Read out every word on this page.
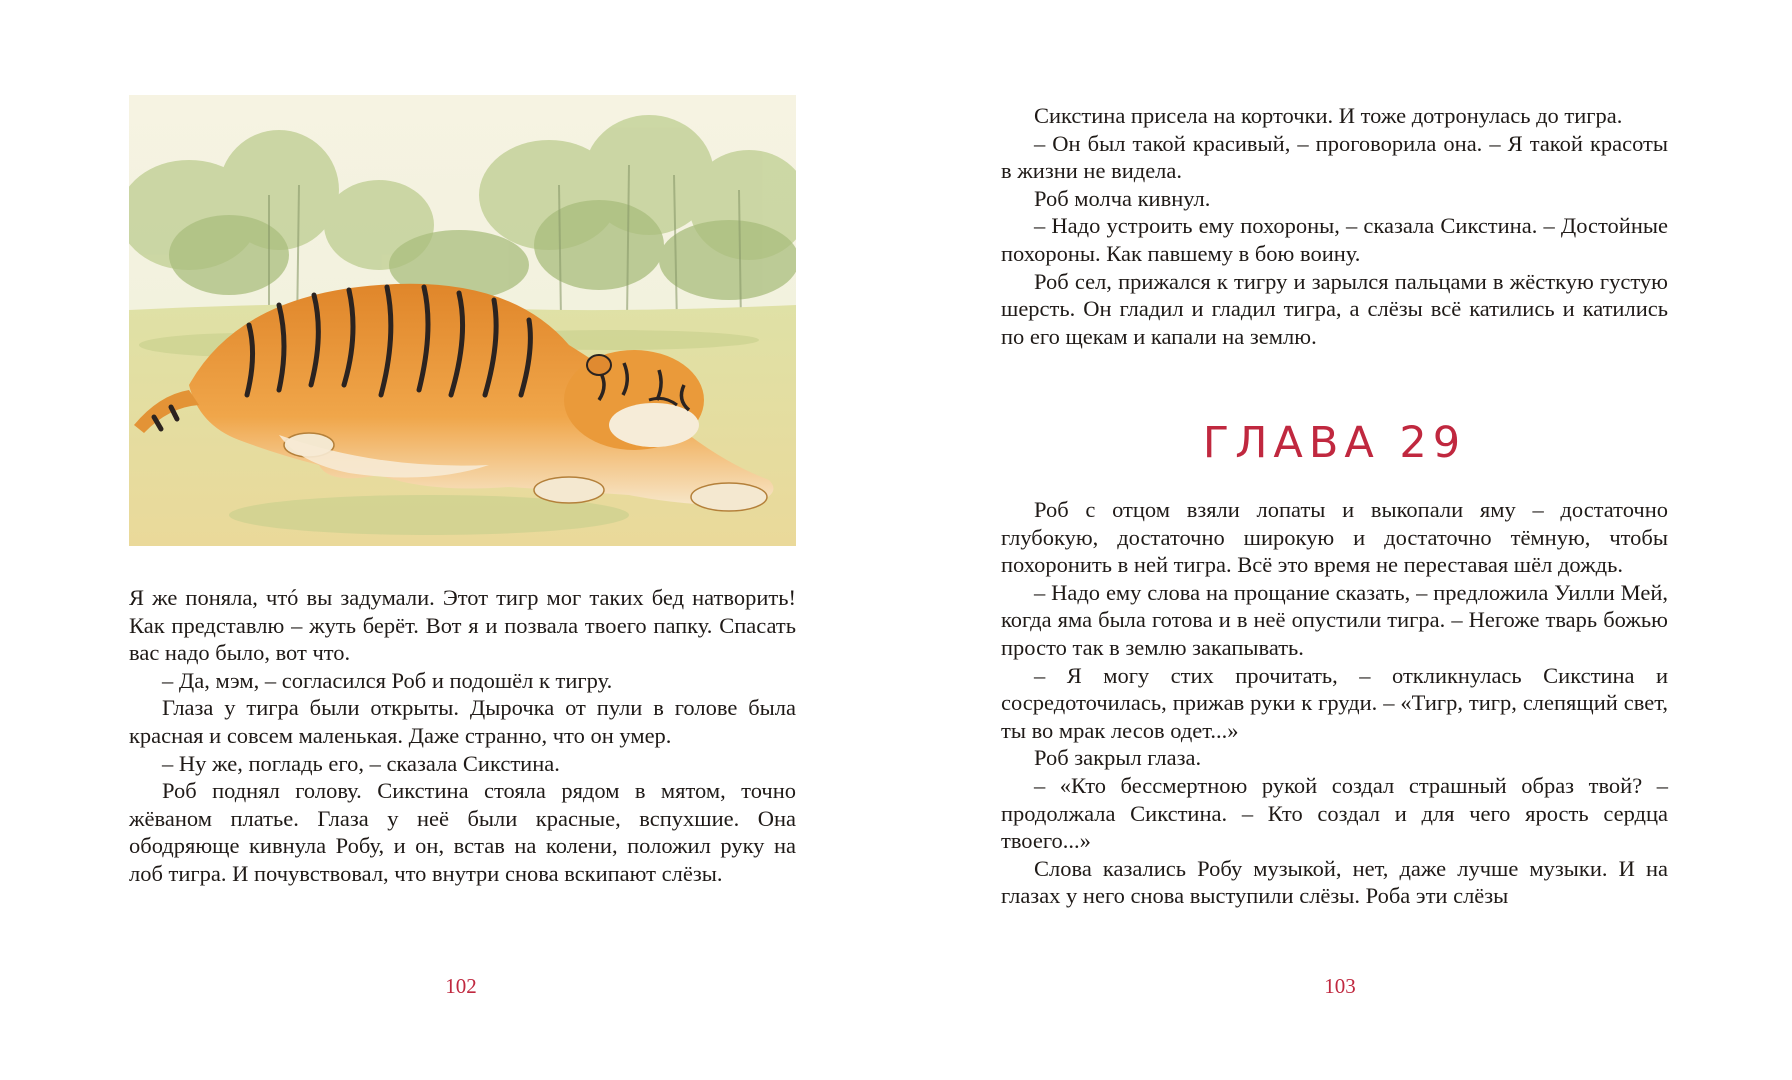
Я же поняла, чтó вы задумали. Этот тигр мог таких бед натворить! Как представлю – жуть берёт. Вот я и позвала твоего папку. Спасать вас надо было, вот что.

– Да, мэм, – согласился Роб и подошёл к тигру.

Глаза у тигра были открыты. Дырочка от пули в голове была красная и совсем маленькая. Даже странно, что он умер.

– Ну же, погладь его, – сказала Сикстина.

Роб поднял голову. Сикстина стояла рядом в мятом, точно жёваном платье. Глаза у неё были красные, вспухшие. Она ободряюще кивнула Робу, и он, встав на колени, положил руку на лоб тигра. И почувствовал, что внутри снова вскипают слёзы.

102

Сикстина присела на корточки. И тоже дотронулась до тигра.

– Он был такой красивый, – проговорила она. – Я такой красоты в жизни не видела.

Роб молча кивнул.

– Надо устроить ему похороны, – сказала Сикстина. – Достойные похороны. Как павшему в бою воину.

Роб сел, прижался к тигру и зарылся пальцами в жёсткую густую шерсть. Он гладил и гладил тигра, а слёзы всё катились и катились по его щекам и капали на землю.

ГЛАВА 29

Роб с отцом взяли лопаты и выкопали яму – достаточно глубокую, достаточно широкую и достаточно тёмную, чтобы похоронить в ней тигра. Всё это время не переставая шёл дождь.

– Надо ему слова на прощание сказать, – предложила Уилли Мей, когда яма была готова и в неё опустили тигра. – Негоже тварь божью просто так в землю закапывать.

– Я могу стих прочитать, – откликнулась Сикстина и сосредоточилась, прижав руки к груди. – «Тигр, тигр, слепящий свет, ты во мрак лесов одет...»

Роб закрыл глаза.

– «Кто бессмертною рукой создал страшный образ твой? – продолжала Сикстина. – Кто создал и для чего ярость сердца твоего...»

Слова казались Робу музыкой, нет, даже лучше музыки. И на глазах у него снова выступили слёзы. Роба эти слёзы

103
